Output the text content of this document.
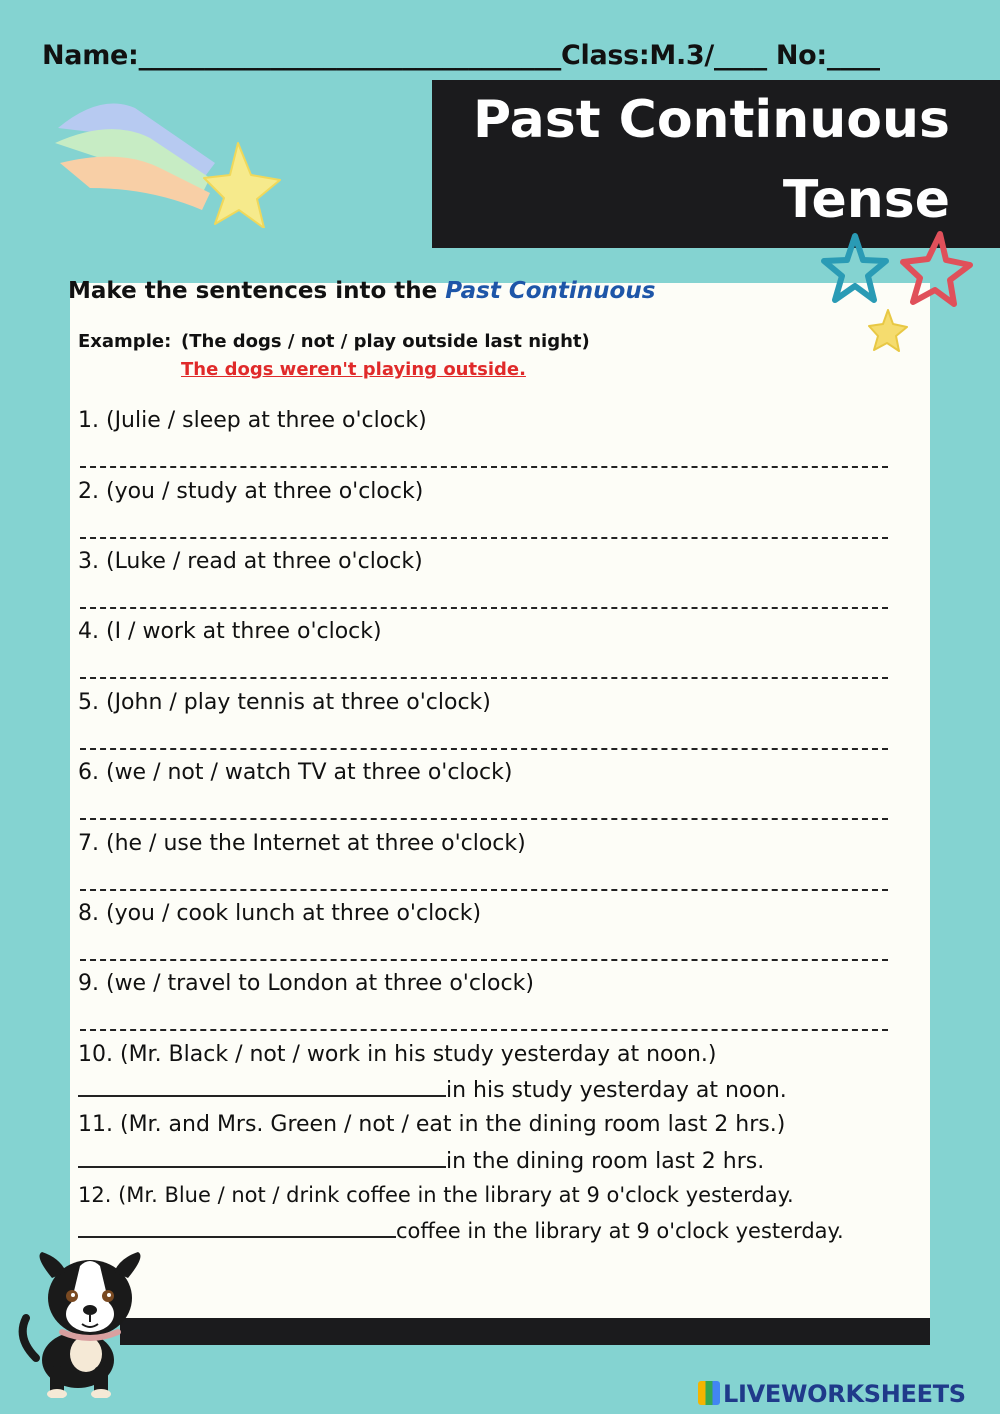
Name:________________________________Class:M.3/____ No:____
Past Continuous
Tense
Make the sentences into the Past Continuous
Example: (The dogs / not / play outside last night)
The dogs weren't playing outside.
1. (Julie / sleep at three o'clock)
2. (you / study at three o'clock)
3. (Luke / read at three o'clock)
4. (I / work at three o'clock)
5. (John / play tennis at three o'clock)
6. (we / not / watch TV at three o'clock)
7. (he / use the Internet at three o'clock)
8. (you / cook lunch at three o'clock)
9. (we / travel to London at three o'clock)
10. (Mr. Black / not / work in his study yesterday at noon.)
in his study yesterday at noon.
11. (Mr. and Mrs. Green / not / eat in the dining room last 2 hrs.)
in the dining room last 2 hrs.
12. (Mr. Blue / not / drink coffee in the library at 9 o'clock yesterday.
coffee in the library at 9 o'clock yesterday.
LIVEWORKSHEETS
